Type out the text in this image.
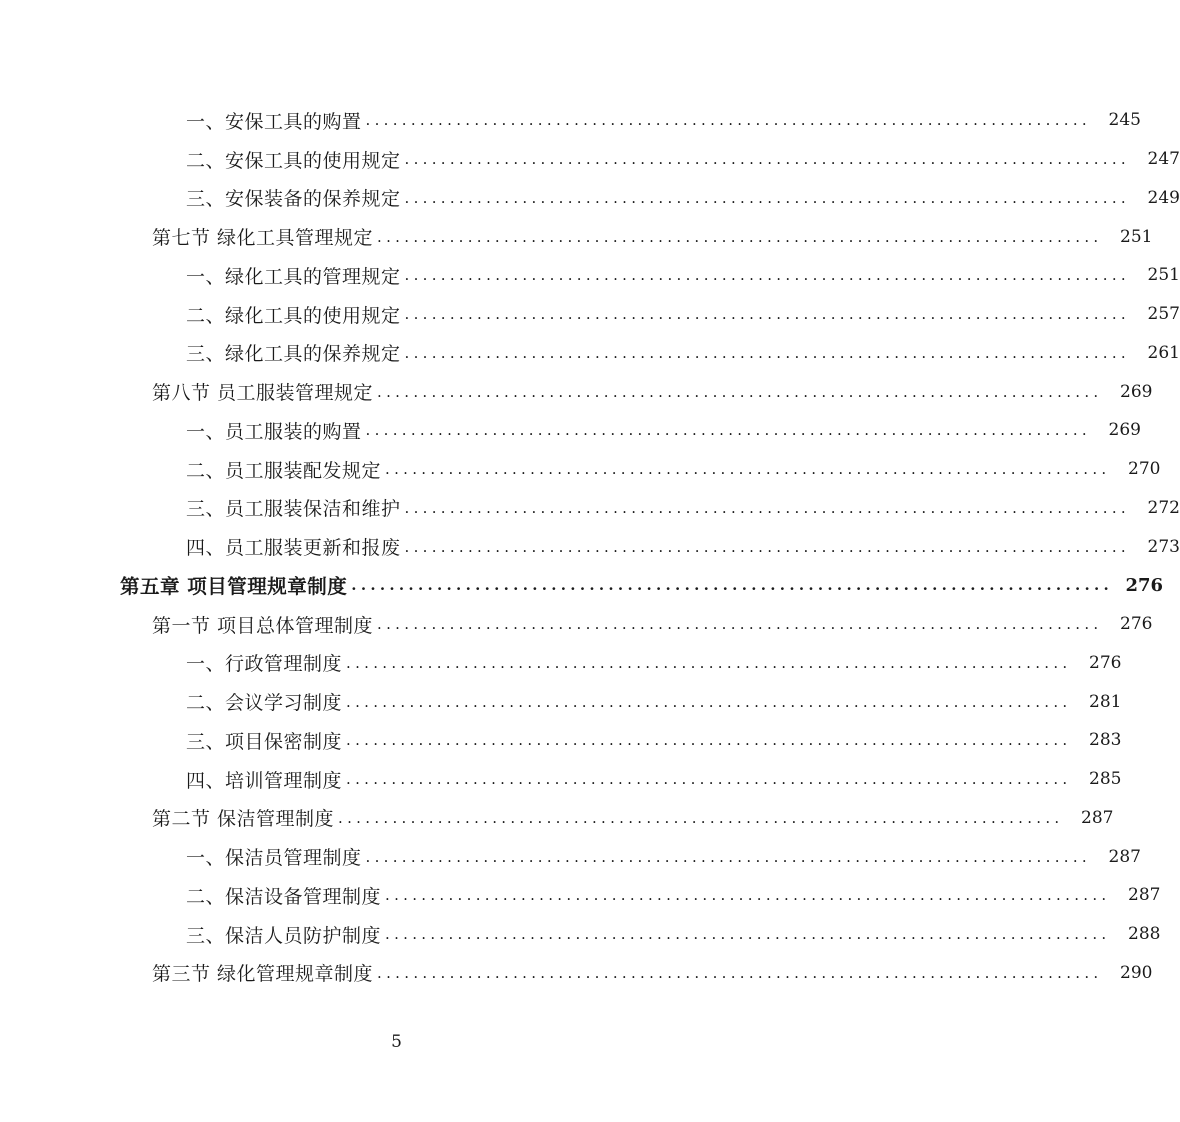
一、安保工具的购置 ................................................................................	245
二、安保工具的使用规定 ................................................................................	247
三、安保装备的保养规定 ................................................................................	249
第七节 绿化工具管理规定 ................................................................................	251
一、绿化工具的管理规定 ................................................................................	251
二、绿化工具的使用规定 ................................................................................	257
三、绿化工具的保养规定 ................................................................................	261
第八节 员工服装管理规定 ................................................................................	269
一、员工服装的购置 ................................................................................	269
二、员工服装配发规定 ................................................................................	270
三、员工服装保洁和维护 ................................................................................	272
四、员工服装更新和报废 ................................................................................	273
第五章 项目管理规章制度 ................................................................................ 276
第一节 项目总体管理制度 ................................................................................	276
一、行政管理制度 ................................................................................	276
二、会议学习制度 ................................................................................	281
三、项目保密制度 ................................................................................	283
四、培训管理制度 ................................................................................	285
第二节 保洁管理制度 ................................................................................	287
一、保洁员管理制度 ................................................................................	287
二、保洁设备管理制度 ................................................................................	287
三、保洁人员防护制度 ................................................................................	288
第三节 绿化管理规章制度 ................................................................................	290
5
